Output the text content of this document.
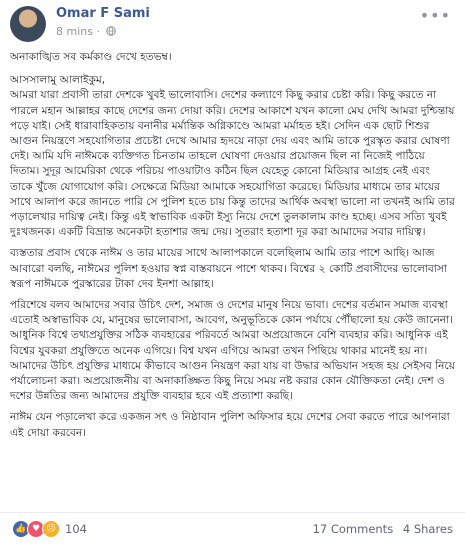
Omar F Sami
8 mins ·
•••

অনাকাঙ্খিত সব কর্মকাণ্ড দেখে হতভম্ব।

আসসালামু আলাইকুম,
আমরা যারা প্রবাসী তারা দেশকে খুবই ভালোবাসি। দেশের কল্যাণে কিছু করার চেষ্টা করি। কিছু করতে না পারলে মহান আল্লাহর কাছে দেশের জন্য দোয়া করি। দেশের আকাশে যখন কালো মেঘ দেখি আমরা দুশ্চিন্তায় পড়ে যাই। সেই ধারাবাহিকতায় বনানীর মর্মান্তিক অগ্নিকাণ্ডে আমরা মর্মাহত হই। সেদিন এক ছোট শিশুর আগুন নিয়ন্ত্রণে সহযোগিতার প্রচেষ্টা দেখে আমার হৃদয়ে নাড়া দেয় এবং আমি তাকে পুরস্কৃত করার ঘোষণা দেই। আমি যদি নাঈমকে ব্যক্তিগত চিনতাম তাহলে ঘোষণা দেওয়ার প্রয়োজন ছিল না নিজেই পাঠিয়ে দিতাম। সুদূর আমেরিকা থেকে পরিচয় পাওয়াটাও কঠিন ছিল যেহেতু কোনো মিডিয়ার আগ্রহ নেই এবং তাকে খুঁজে যোগাযোগ করি। সেক্ষেত্রে মিডিয়া আমাকে সহযোগিতা করেছে। মিডিয়ার মাধ্যমে তার মায়ের সাথে আলাপ করে জানতে পারি সে পুলিশ হতে চায় কিন্তু তাদের আর্থিক অবস্থা ভালো না তখনই আমি তার পড়ালেখার দায়িত্ব নেই। কিন্তু এই স্বাভাবিক একটা ইস্যু নিয়ে দেশে তুলকালাম কাণ্ড হচ্ছে। এসব সত্যি খুবই দুঃখজনক। একটি বিভ্রান্ত অনেকটা হতাশার জন্ম দেয়। সুতরাং হতাশা দূর করা আমাদের সবার দায়িত্ব।

ব্যস্ততার প্রবাস থেকে নাঈম ও তার মায়ের সাথে আলাপকালে বলেছিলাম আমি তার পাশে আছি। আজ আবারো বলছি, নাঈমের পুলিশ হওয়ার স্বপ্ন বাস্তবায়নে পাশে থাকব। বিশ্বের ২ কোটি প্রবাসীদের ভালোবাসা স্বরূপ নাঈমকে পুরস্কারের টাকা দেব ইনশা আল্লাহ।

পরিশেষে বলব আমাদের সবার উচিৎ দেশ, সমাজ ও দেশের মানুষ নিয়ে ভাবা। দেশের বর্তমান সমাজ ব্যবস্থা এতোই অস্বাভাবিক যে, মানুষের ভালোবাসা, আবেগ, অনুভূতিকে কোন পর্যায়ে পৌঁছালো হয় কেউ জানেনা। আধুনিক বিশ্বে তথ্যপ্রযুক্তির সঠিক ব্যবহারের পরিবর্তে আমরা অপ্রয়োজনে বেশি ব্যবহার করি। আধুনিক এই বিশ্বের যুবকরা প্রযুক্তিতে অনেক এগিয়ে। বিশ্ব যখন এগিয়ে আমরা তখন পিছিয়ে থাকার মানেই হয় না। আমাদের উচিৎ প্রযুক্তির মাধ্যমে কীভাবে আগুন নিয়ন্ত্রণ করা যায় বা উদ্ধার অভিযান সহজ হয় সেইসব নিয়ে পর্যালোচনা করা। অপ্রয়োজনীয় বা অনাকাঙ্ক্ষিত কিছু নিয়ে সময় নষ্ট করার কোন যৌক্তিকতা নেই। দেশ ও দশের উন্নতির জন্য আমাদের প্রযুক্তি ব্যবহার হবে এই প্রত্যাশা করছি।

নাঈম যেন পড়ালেখা করে একজন সৎ ও নিষ্ঠাবান পুলিশ অফিসার হয়ে দেশের সেবা করতে পারে আপনারা এই দোয়া করবেন।

👍 ♥ ☹ 104	17 Comments 4 Shares
